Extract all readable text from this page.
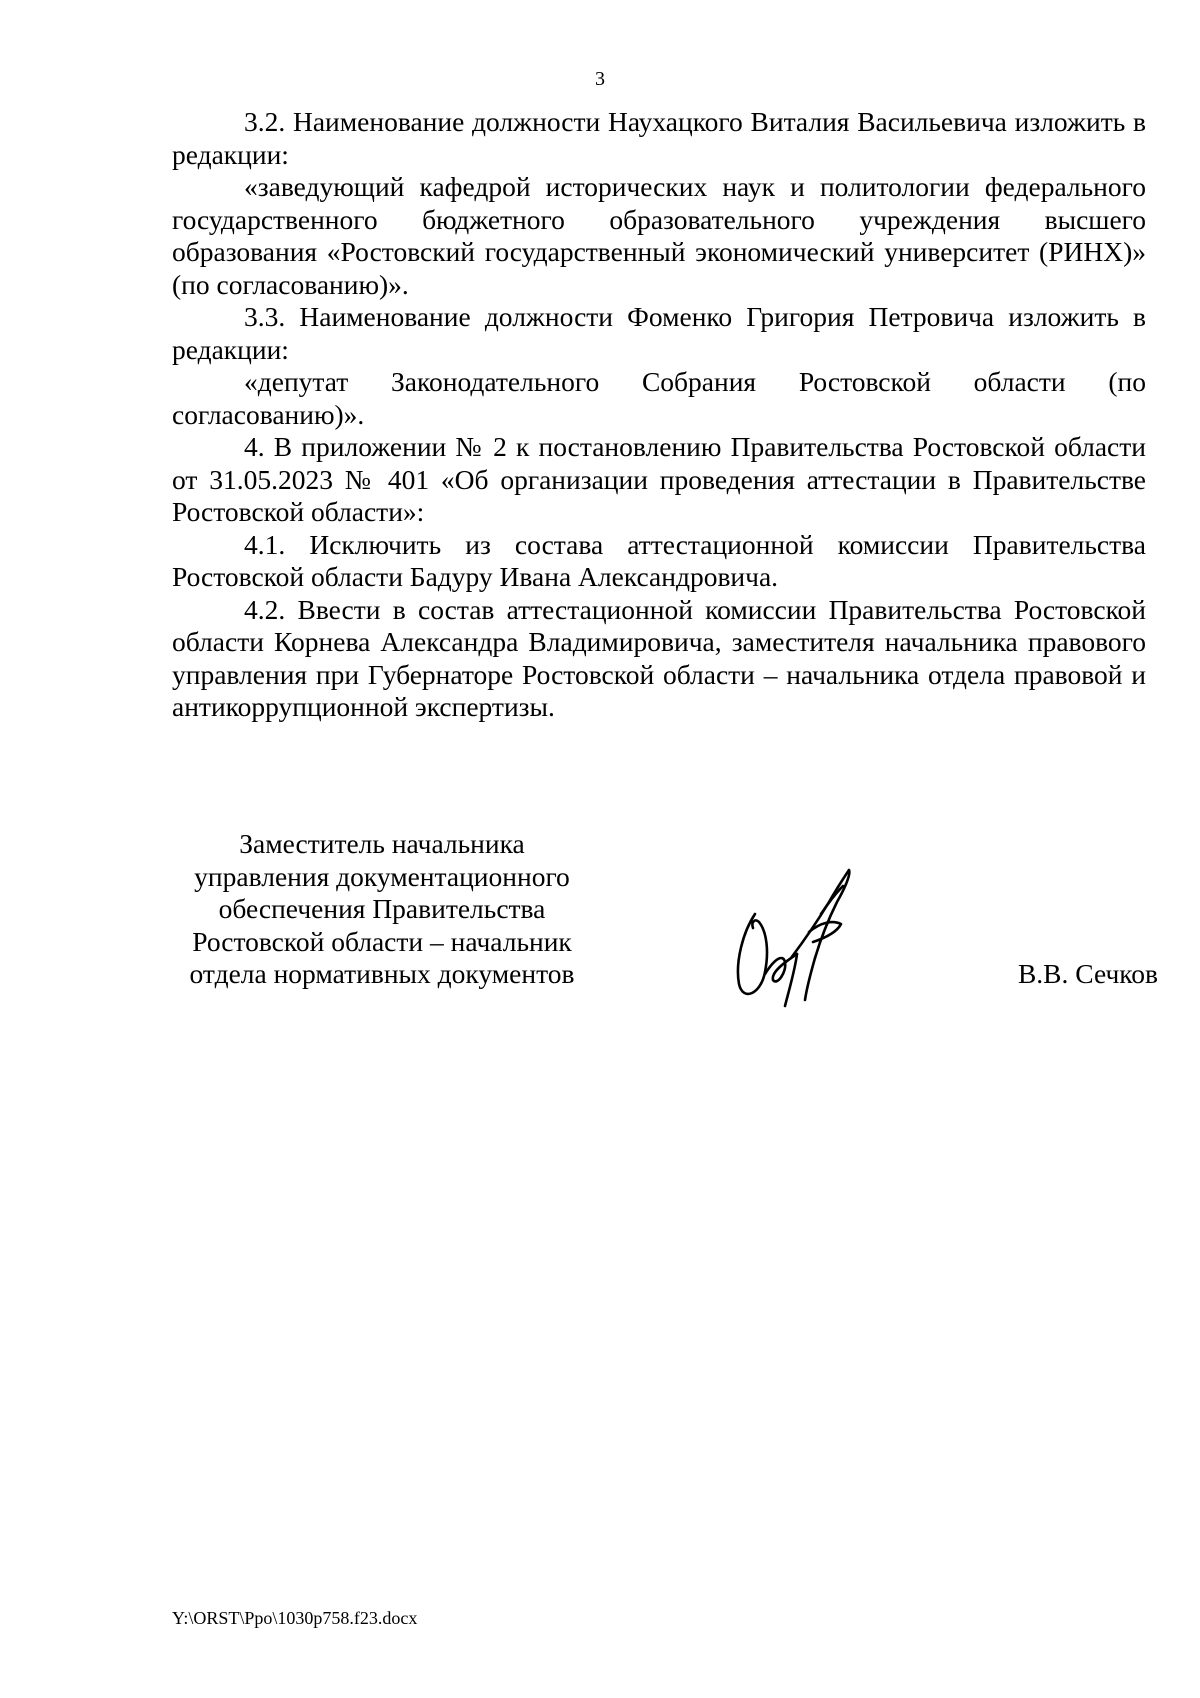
3

3.2. Наименование должности Наухацкого Виталия Васильевича изложить в редакции:

«заведующий кафедрой исторических наук и политологии федерального государственного бюджетного образовательного учреждения высшего образования «Ростовский государственный экономический университет (РИНХ)» (по согласованию)».

3.3. Наименование должности Фоменко Григория Петровича изложить в редакции:

«депутат Законодательного Собрания Ростовской области (по согласованию)».

4. В приложении № 2 к постановлению Правительства Ростовской области от 31.05.2023 № 401 «Об организации проведения аттестации в Правительстве Ростовской области»:

4.1. Исключить из состава аттестационной комиссии Правительства Ростовской области Бадуру Ивана Александровича.

4.2. Ввести в состав аттестационной комиссии Правительства Ростовской области Корнева Александра Владимировича, заместителя начальника правового управления при Губернаторе Ростовской области – начальника отдела правовой и антикоррупционной экспертизы.

Заместитель начальника
управления документационного
обеспечения Правительства
Ростовской области – начальник
отдела нормативных документов	В.В. Сечков
Y:\ORST\Ppo\1030p758.f23.docx
